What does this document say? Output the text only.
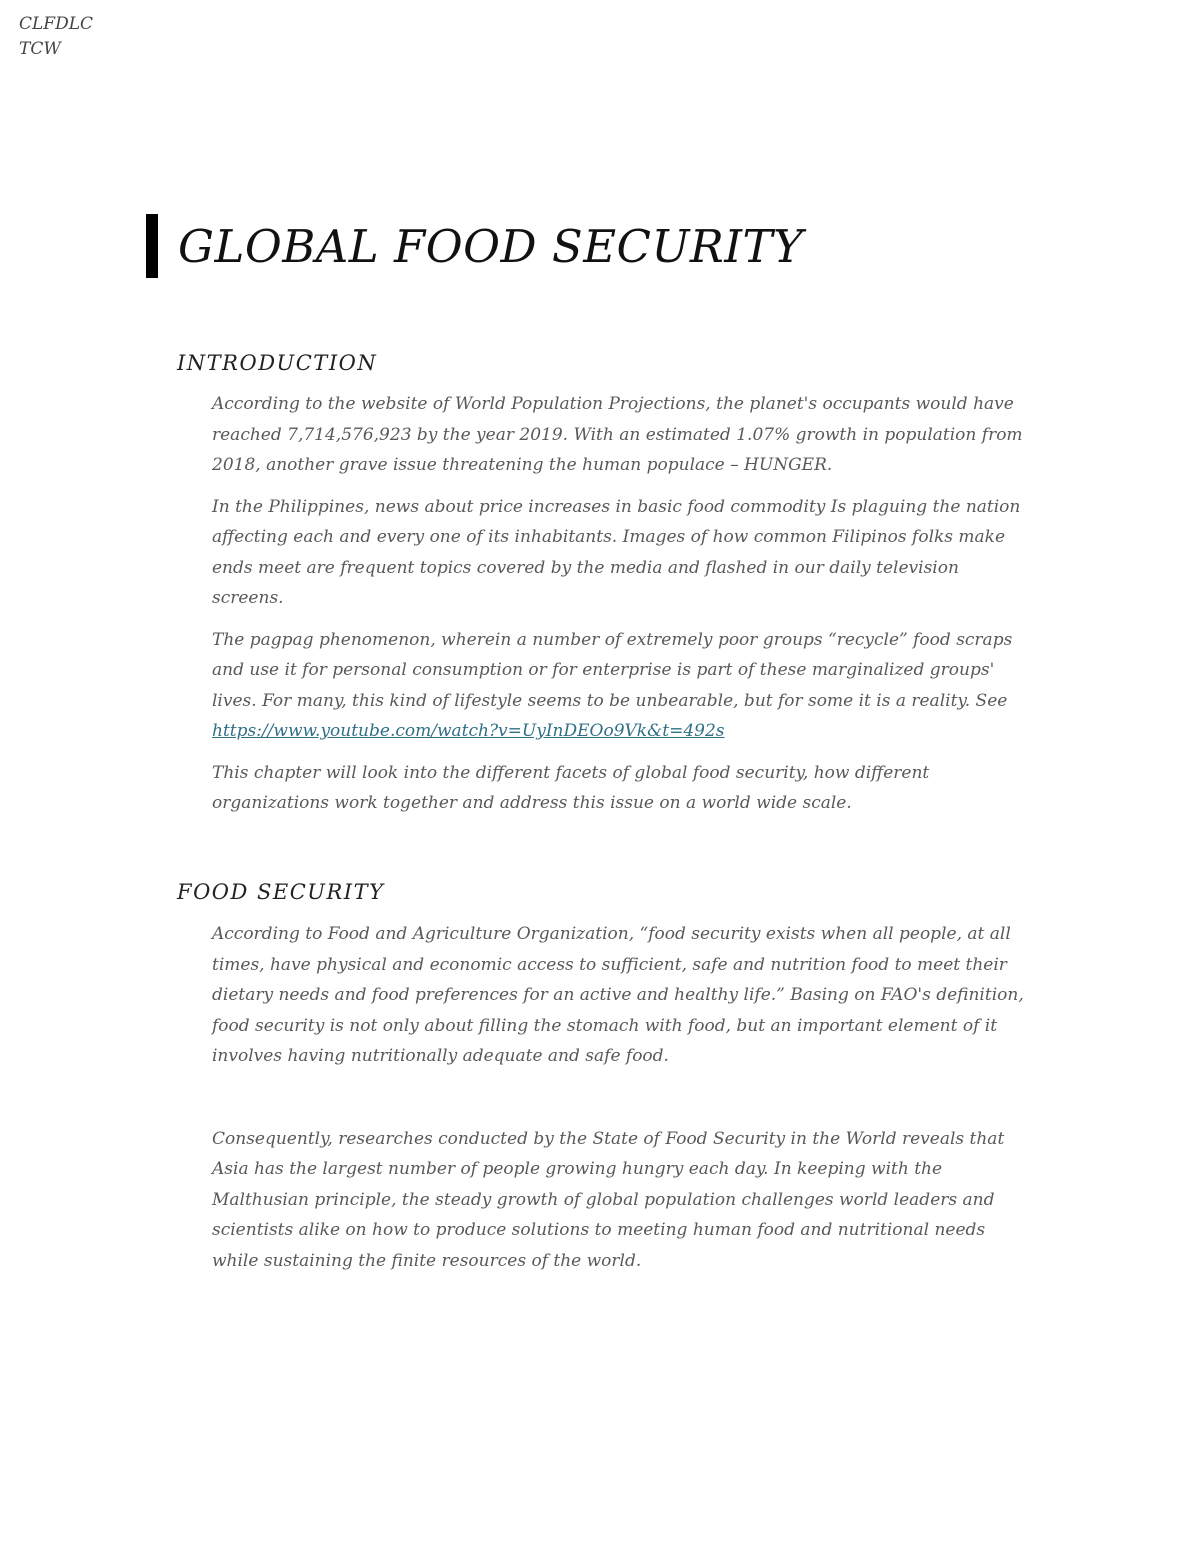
CLFDLC
TCW
GLOBAL FOOD SECURITY
INTRODUCTION

According to the website of World Population Projections, the planet's occupants would have reached 7,714,576,923 by the year 2019. With an estimated 1.07% growth in population from 2018, another grave issue threatening the human populace – HUNGER.

In the Philippines, news about price increases in basic food commodity Is plaguing the nation affecting each and every one of its inhabitants. Images of how common Filipinos folks make ends meet are frequent topics covered by the media and flashed in our daily television screens.

The pagpag phenomenon, wherein a number of extremely poor groups “recycle” food scraps and use it for personal consumption or for enterprise is part of these marginalized groups' lives. For many, this kind of lifestyle seems to be unbearable, but for some it is a reality. See https://www.youtube.com/watch?v=UyInDEOo9Vk&t=492s

This chapter will look into the different facets of global food security, how different organizations work together and address this issue on a world wide scale.

FOOD SECURITY

According to Food and Agriculture Organization, “food security exists when all people, at all times, have physical and economic access to sufficient, safe and nutrition food to meet their dietary needs and food preferences for an active and healthy life.” Basing on FAO's definition, food security is not only about filling the stomach with food, but an important element of it involves having nutritionally adequate and safe food.

Consequently, researches conducted by the State of Food Security in the World reveals that Asia has the largest number of people growing hungry each day. In keeping with the Malthusian principle, the steady growth of global population challenges world leaders and scientists alike on how to produce solutions to meeting human food and nutritional needs while sustaining the finite resources of the world.
